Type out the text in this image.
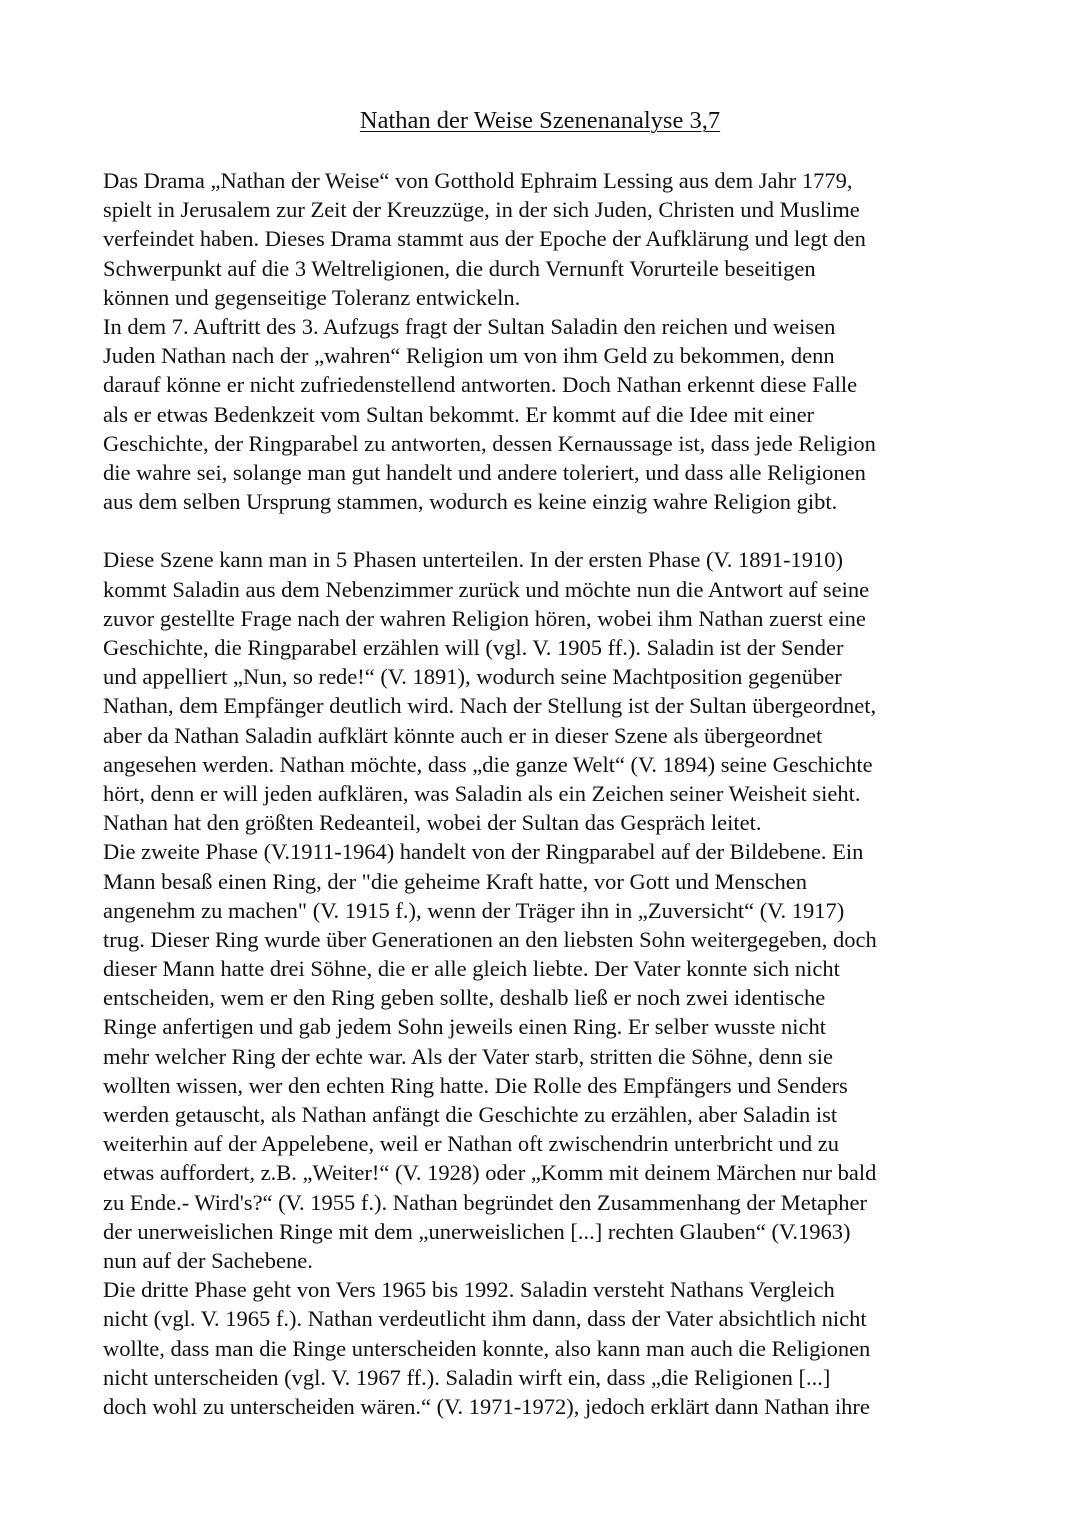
Nathan der Weise Szenenanalyse 3,7
Das Drama „Nathan der Weise“ von Gotthold Ephraim Lessing aus dem Jahr 1779,
spielt in Jerusalem zur Zeit der Kreuzzüge, in der sich Juden, Christen und Muslime
verfeindet haben. Dieses Drama stammt aus der Epoche der Aufklärung und legt den
Schwerpunkt auf die 3 Weltreligionen, die durch Vernunft Vorurteile beseitigen
können und gegenseitige Toleranz entwickeln.
In dem 7. Auftritt des 3. Aufzugs fragt der Sultan Saladin den reichen und weisen
Juden Nathan nach der „wahren“ Religion um von ihm Geld zu bekommen, denn
darauf könne er nicht zufriedenstellend antworten. Doch Nathan erkennt diese Falle
als er etwas Bedenkzeit vom Sultan bekommt. Er kommt auf die Idee mit einer
Geschichte, der Ringparabel zu antworten, dessen Kernaussage ist, dass jede Religion
die wahre sei, solange man gut handelt und andere toleriert, und dass alle Religionen
aus dem selben Ursprung stammen, wodurch es keine einzig wahre Religion gibt.
Diese Szene kann man in 5 Phasen unterteilen. In der ersten Phase (V. 1891-1910)
kommt Saladin aus dem Nebenzimmer zurück und möchte nun die Antwort auf seine
zuvor gestellte Frage nach der wahren Religion hören, wobei ihm Nathan zuerst eine
Geschichte, die Ringparabel erzählen will (vgl. V. 1905 ff.). Saladin ist der Sender
und appelliert „Nun, so rede!“ (V. 1891), wodurch seine Machtposition gegenüber
Nathan, dem Empfänger deutlich wird. Nach der Stellung ist der Sultan übergeordnet,
aber da Nathan Saladin aufklärt könnte auch er in dieser Szene als übergeordnet
angesehen werden. Nathan möchte, dass „die ganze Welt“ (V. 1894) seine Geschichte
hört, denn er will jeden aufklären, was Saladin als ein Zeichen seiner Weisheit sieht.
Nathan hat den größten Redeanteil, wobei der Sultan das Gespräch leitet.
Die zweite Phase (V.1911-1964) handelt von der Ringparabel auf der Bildebene. Ein
Mann besaß einen Ring, der "die geheime Kraft hatte, vor Gott und Menschen
angenehm zu machen" (V. 1915 f.), wenn der Träger ihn in „Zuversicht“ (V. 1917)
trug. Dieser Ring wurde über Generationen an den liebsten Sohn weitergegeben, doch
dieser Mann hatte drei Söhne, die er alle gleich liebte. Der Vater konnte sich nicht
entscheiden, wem er den Ring geben sollte, deshalb ließ er noch zwei identische
Ringe anfertigen und gab jedem Sohn jeweils einen Ring. Er selber wusste nicht
mehr welcher Ring der echte war. Als der Vater starb, stritten die Söhne, denn sie
wollten wissen, wer den echten Ring hatte. Die Rolle des Empfängers und Senders
werden getauscht, als Nathan anfängt die Geschichte zu erzählen, aber Saladin ist
weiterhin auf der Appelebene, weil er Nathan oft zwischendrin unterbricht und zu
etwas auffordert, z.B. „Weiter!“ (V. 1928) oder „Komm mit deinem Märchen nur bald
zu Ende.- Wird's?“ (V. 1955 f.). Nathan begründet den Zusammenhang der Metapher
der unerweislichen Ringe mit dem „unerweislichen [...] rechten Glauben“ (V.1963)
nun auf der Sachebene.
Die dritte Phase geht von Vers 1965 bis 1992. Saladin versteht Nathans Vergleich
nicht (vgl. V. 1965 f.). Nathan verdeutlicht ihm dann, dass der Vater absichtlich nicht
wollte, dass man die Ringe unterscheiden konnte, also kann man auch die Religionen
nicht unterscheiden (vgl. V. 1967 ff.). Saladin wirft ein, dass „die Religionen [...]
doch wohl zu unterscheiden wären.“ (V. 1971-1972), jedoch erklärt dann Nathan ihre
